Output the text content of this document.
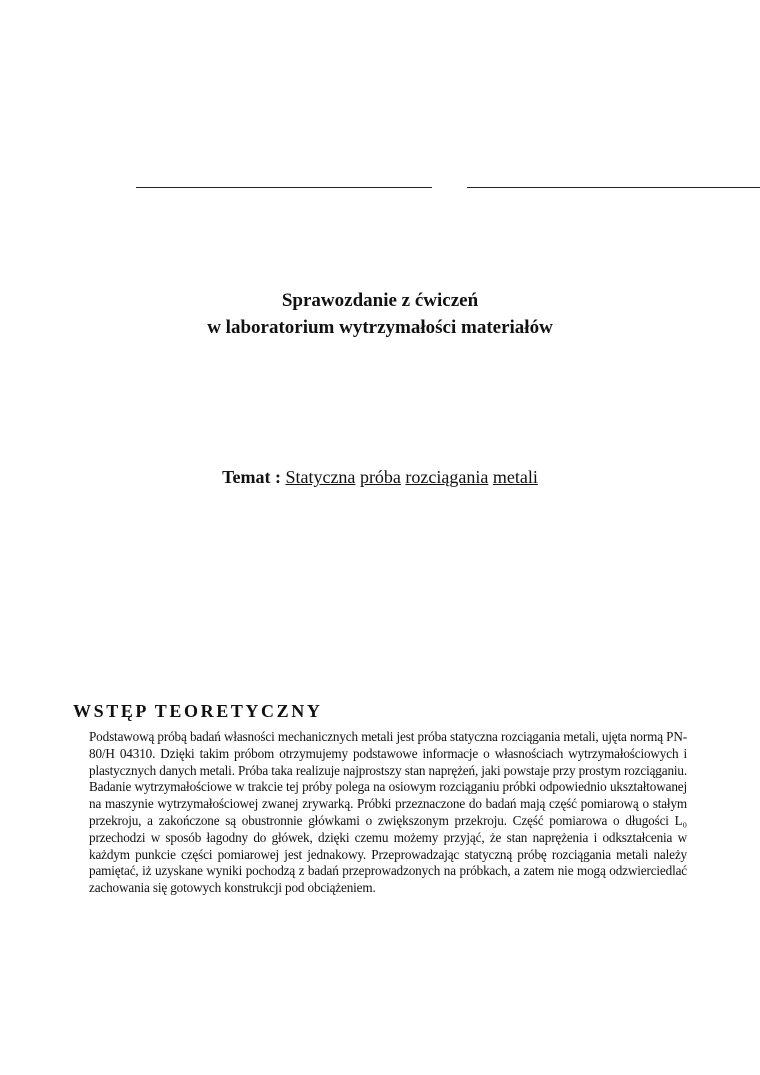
Sprawozdanie z ćwiczeń
w laboratorium wytrzymałości materiałów
Temat : Statyczna próba rozciągania metali
WSTĘP TEORETYCZNY
Podstawową próbą badań własności mechanicznych metali jest próba statyczna rozciągania metali, ujęta normą PN-80/H 04310. Dzięki takim próbom otrzymujemy podstawowe informacje o własnościach wytrzymałościowych i plastycznych danych metali. Próba taka realizuje najprostszy stan naprężeń, jaki powstaje przy prostym rozciąganiu. Badanie wytrzymałościowe w trakcie tej próby polega na osiowym rozciąganiu próbki odpowiednio ukształtowanej na maszynie wytrzymałościowej zwanej zrywarką. Próbki przeznaczone do badań mają część pomiarową o stałym przekroju, a zakończone są obustronnie główkami o zwiększonym przekroju. Część pomiarowa o długości L₀ przechodzi w sposób łagodny do główek, dzięki czemu możemy przyjąć, że stan naprężenia i odkształcenia w każdym punkcie części pomiarowej jest jednakowy. Przeprowadzając statyczną próbę rozciągania metali należy pamiętać, iż uzyskane wyniki pochodzą z badań przeprowadzonych na próbkach, a zatem nie mogą odzwierciedlać zachowania się gotowych konstrukcji pod obciążeniem.
